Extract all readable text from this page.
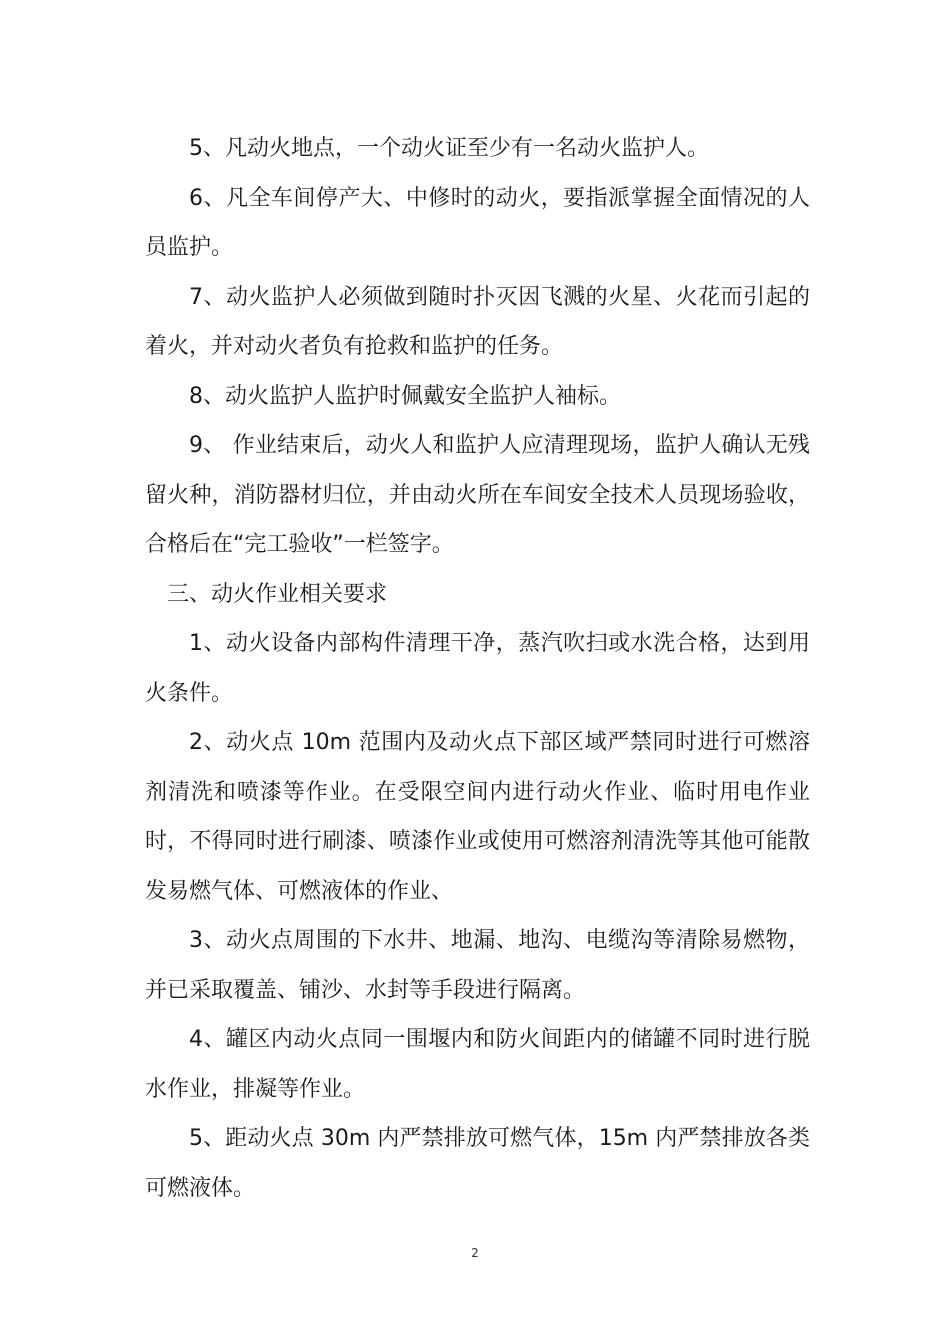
5、凡动火地点，一个动火证至少有一名动火监护人。

6、凡全车间停产大、中修时的动火，要指派掌握全面情况的人员监护。

7、动火监护人必须做到随时扑灭因飞溅的火星、火花而引起的着火，并对动火者负有抢救和监护的任务。

8、动火监护人监护时佩戴安全监护人袖标。

9、 作业结束后，动火人和监护人应清理现场，监护人确认无残留火种，消防器材归位，并由动火所在车间安全技术人员现场验收，合格后在“完工验收”一栏签字。

三、动火作业相关要求

1、动火设备内部构件清理干净，蒸汽吹扫或水洗合格，达到用火条件。

2、动火点 10m 范围内及动火点下部区域严禁同时进行可燃溶剂清洗和喷漆等作业。在受限空间内进行动火作业、临时用电作业时，不得同时进行刷漆、喷漆作业或使用可燃溶剂清洗等其他可能散发易燃气体、可燃液体的作业、

3、动火点周围的下水井、地漏、地沟、电缆沟等清除易燃物，并已采取覆盖、铺沙、水封等手段进行隔离。

4、罐区内动火点同一围堰内和防火间距内的储罐不同时进行脱水作业，排凝等作业。

5、距动火点 30m 内严禁排放可燃气体，15m 内严禁排放各类可燃液体。

2
